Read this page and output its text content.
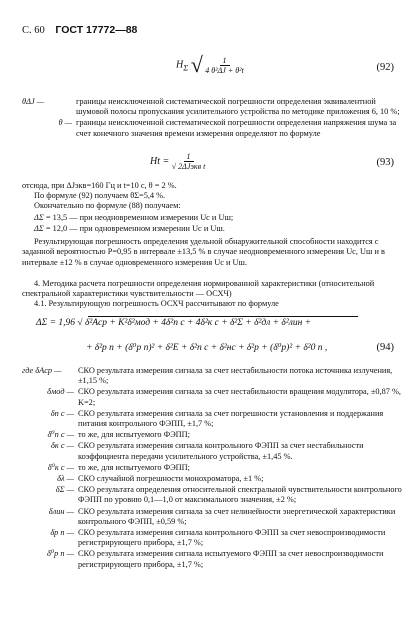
С. 60 ГОСТ 17772—88
$Н_\Sigma$ √ $\frac{1}{\text{4 θ²ΔJ + θ²t}}$	(92)
θΔJ —	границы неисключенной систематической погрешности определения эквивалентной шумовой полосы пропускания усилительного устройства по методике приложения 6, 10 %;
θ — границы неисключенной систематической погрешности определения напряжения шума за счет конечного значения времени измерения определяют по формуле
Нt = $\frac{1}{\text{√ 2ΔJэкв t}}$	(93)
отсюда, при ΔJэкв=160 Гц и t=10 с, θ = 2 %.
По формуле (92) получаем θΣ=5,4 %.
Окончательно по формуле (88) получаем:
ΔΣ = 13,5 — при неодновременном измерении Uс и Uш;
ΔΣ = 12,0 — при одновременном измерении Uс и Uш.
Результирующая погрешность определения удельной обнаружительной способности находится с заданной вероятностью P=0,95 в интервале ±13,5 % в случае неодновременного измерения Uс, Uш и в интервале ±12 % в случае одновременного измерения Uс и Uш.
4. Методика расчета погрешности определения нормированной характеристики (относительной спектральной характеристики чувствительности — ОСХЧ)
4.1. Результирующую погрешность ОСХЧ рассчитывают по формуле
ΔΣ = 1,96 √ δ²Aср + K²δ²мод + 4δ²п с + 4δ²к с + δ²Σ + δ²дл + δ²лин +
+ δ²р п + (δ⁰р п)² + δ²E + δ²п с + δ²нс + δ²р + (δ⁰р)² + δ²0 п ,	(94)
где δAср —	СКО результата измерения сигнала за счет нестабильности потока источника излучения, ±1,15 %;
δмод — СКО результата измерения сигнала за счет нестабильности вращения модулятора, ±0,87 %, K=2;
δп с — СКО результата измерения сигнала за счет погрешности установления и поддержания питания контрольного ФЭПП, ±1,7 %;
δ⁰п с — то же, для испытуемого ФЭПП;
δк с — СКО результата измерения сигнала контрольного ФЭПП за счет нестабильности коэффициента передачи усилительного устройства, ±1,45 %.
δ⁰к с — то же, для испытуемого ФЭПП;
δλ — СКО случайной погрешности монохроматора, ±1 %;
δΣ — СКО результата определения относительной спектральной чувствительности контрольного ФЭПП по уровню 0,1—1,0 от максимального значения, ±2 %;
δлин — СКО результата измерения сигнала за счет нелинейности энергетической характеристики контрольного ФЭПП, ±0,59 %;
δр п — СКО результата измерения сигнала контрольного ФЭПП за счет невоспроизводимости регистрирующего прибора, ±1,7 %;
δ⁰р п — СКО результата измерения сигнала испытуемого ФЭПП за счет невоспроизводимости регистрирующего прибора, ±1,7 %;
